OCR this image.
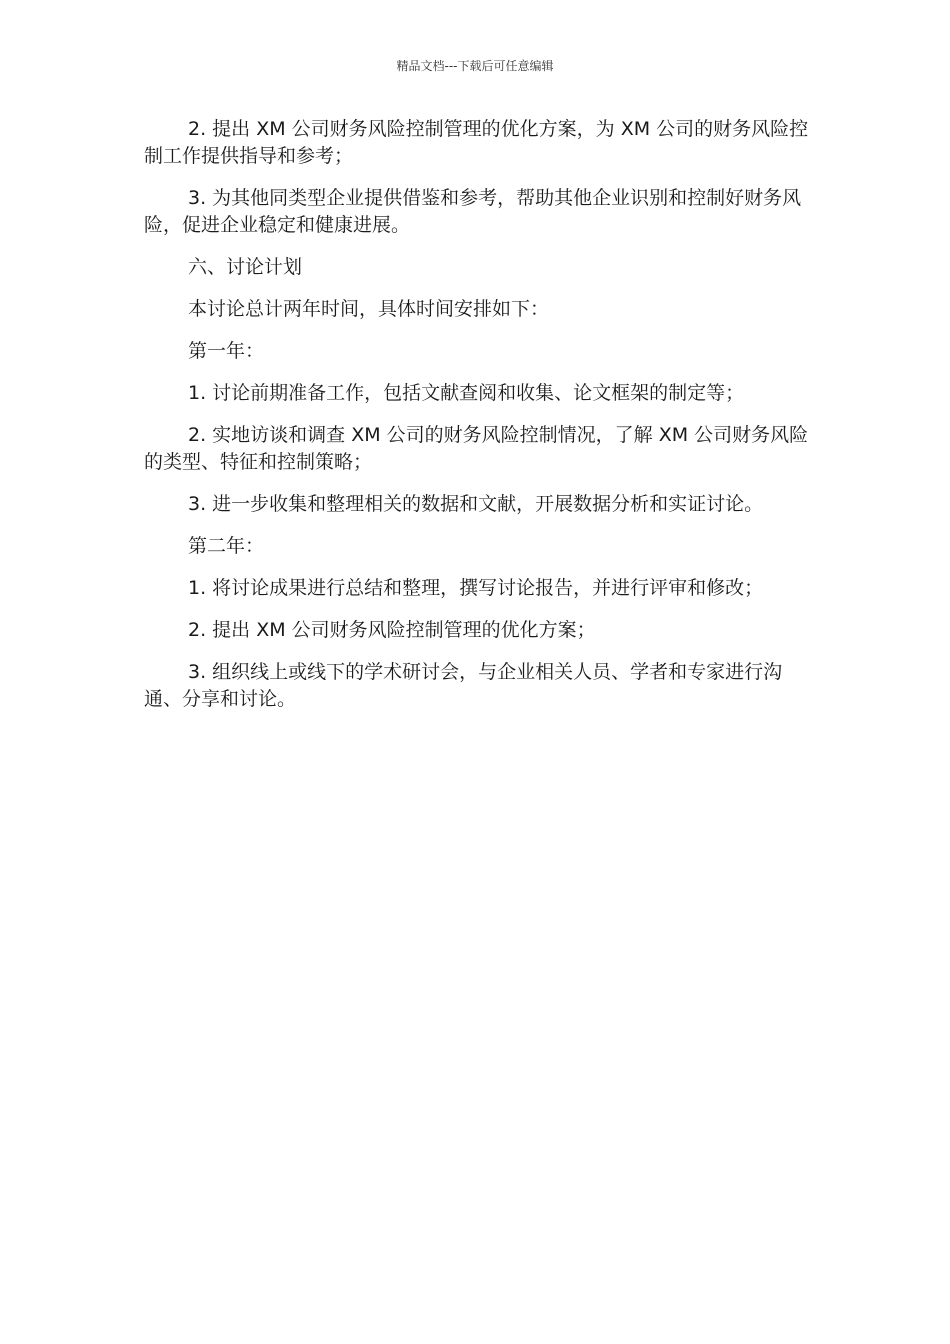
精品文档---下载后可任意编辑

2. 提出 XM 公司财务风险控制管理的优化方案，为 XM 公司的财务风险控制工作提供指导和参考；

3. 为其他同类型企业提供借鉴和参考，帮助其他企业识别和控制好财务风险，促进企业稳定和健康进展。

六、讨论计划

本讨论总计两年时间，具体时间安排如下：

第一年：

1. 讨论前期准备工作，包括文献查阅和收集、论文框架的制定等；

2. 实地访谈和调查 XM 公司的财务风险控制情况，了解 XM 公司财务风险的类型、特征和控制策略；

3. 进一步收集和整理相关的数据和文献，开展数据分析和实证讨论。

第二年：

1. 将讨论成果进行总结和整理，撰写讨论报告，并进行评审和修改；

2. 提出 XM 公司财务风险控制管理的优化方案；

3. 组织线上或线下的学术研讨会，与企业相关人员、学者和专家进行沟通、分享和讨论。
